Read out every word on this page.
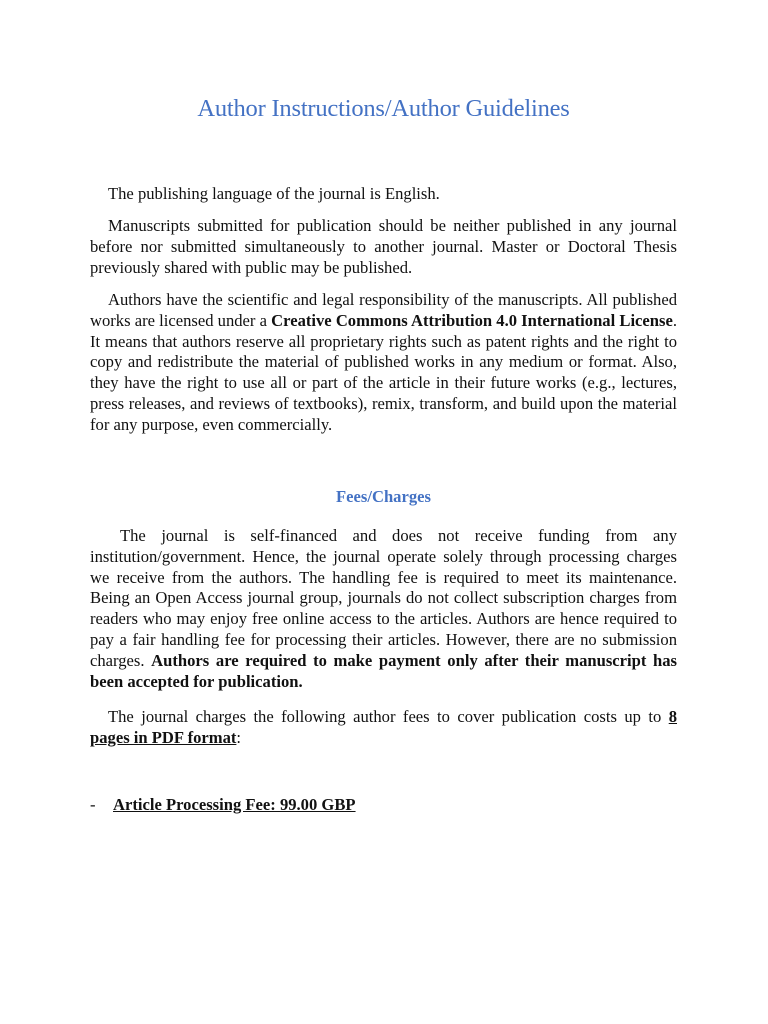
Author Instructions/Author Guidelines

The publishing language of the journal is English.

Manuscripts submitted for publication should be neither published in any journal before nor submitted simultaneously to another journal. Master or Doctoral Thesis previously shared with public may be published.

Authors have the scientific and legal responsibility of the manuscripts. All published works are licensed under a Creative Commons Attribution 4.0 International License. It means that authors reserve all proprietary rights such as patent rights and the right to copy and redistribute the material of published works in any medium or format. Also, they have the right to use all or part of the article in their future works (e.g., lectures, press releases, and reviews of textbooks), remix, transform, and build upon the material for any purpose, even commercially.

Fees/Charges

The journal is self-financed and does not receive funding from any institution/government. Hence, the journal operate solely through processing charges we receive from the authors. The handling fee is required to meet its maintenance. Being an Open Access journal group, journals do not collect subscription charges from readers who may enjoy free online access to the articles. Authors are hence required to pay a fair handling fee for processing their articles. However, there are no submission charges. Authors are required to make payment only after their manuscript has been accepted for publication.

The journal charges the following author fees to cover publication costs up to 8 pages in PDF format:

- Article Processing Fee: 99.00 GBP
